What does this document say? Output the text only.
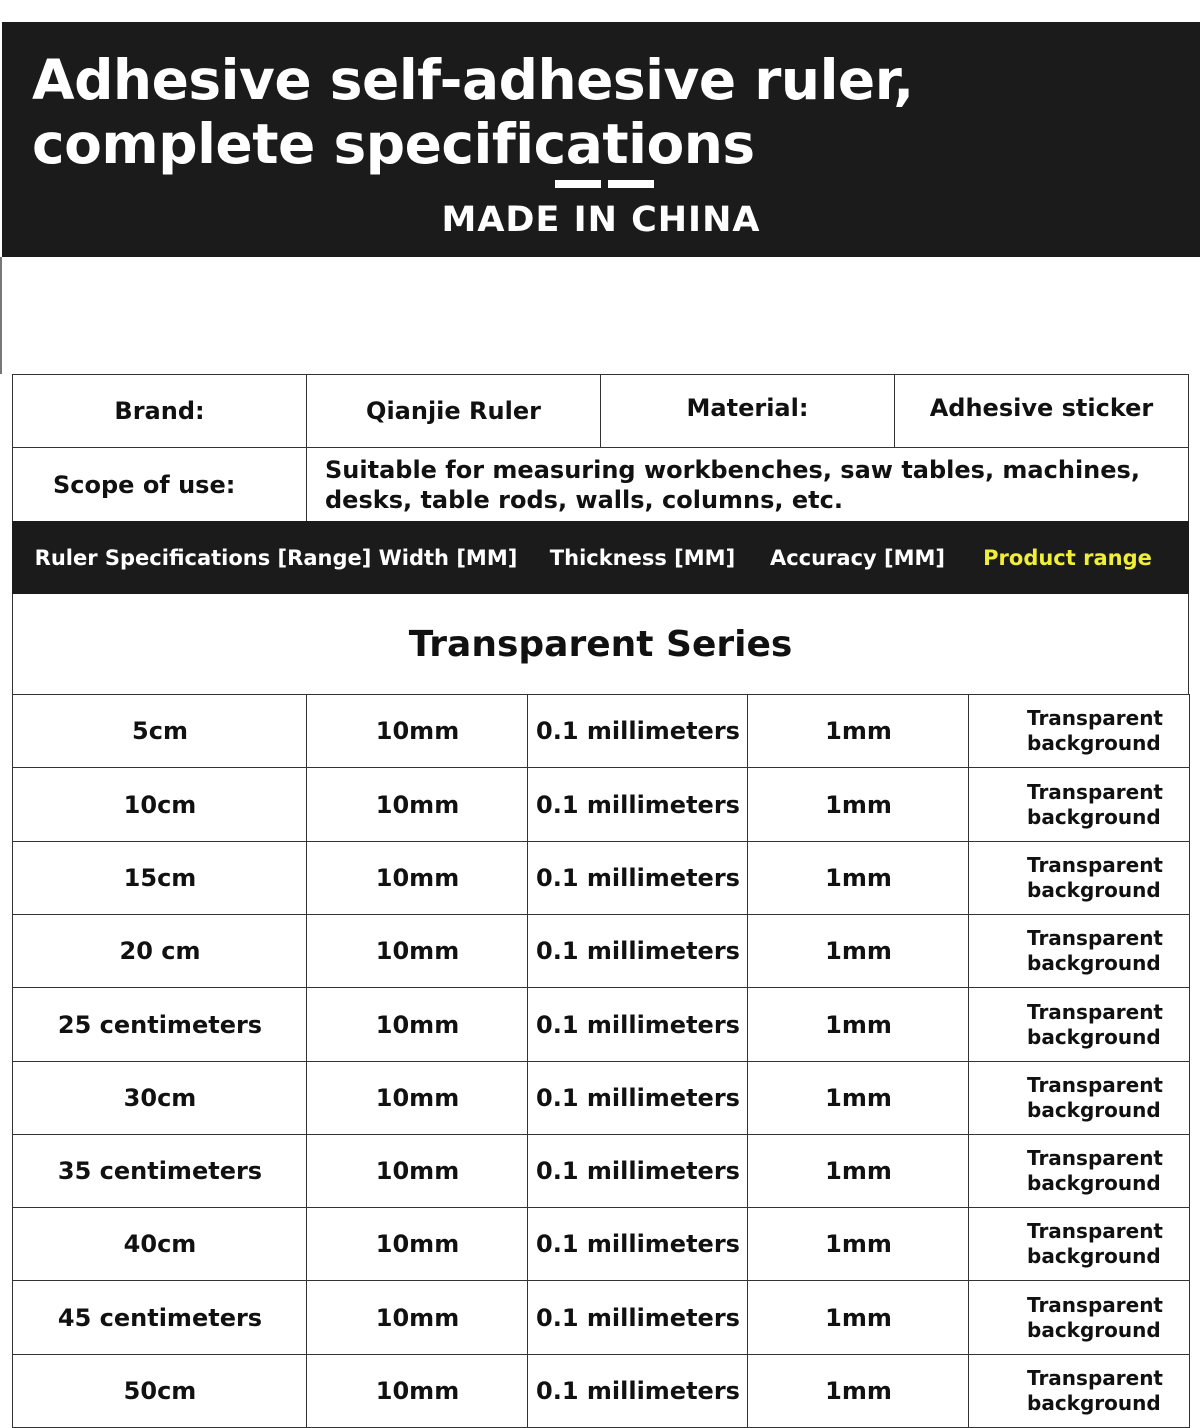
Adhesive self-adhesive ruler, complete specifications
MADE IN CHINA
Brand:	Qianjie Ruler	Material:	Adhesive sticker
Scope of use:
Suitable for measuring workbenches, saw tables, machines, desks, table rods, walls, columns, etc.
Ruler Specifications [Range] Width [MM]	Thickness [MM]	Accuracy [MM]	Product range
Transparent Series
5cm	10mm	0.1 millimeters	1mm	Transparent background
10cm	10mm	0.1 millimeters	1mm	Transparent background
15cm	10mm	0.1 millimeters	1mm	Transparent background
20 cm	10mm	0.1 millimeters	1mm	Transparent background
25 centimeters	10mm	0.1 millimeters	1mm	Transparent background
30cm	10mm	0.1 millimeters	1mm	Transparent background
35 centimeters	10mm	0.1 millimeters	1mm	Transparent background
40cm	10mm	0.1 millimeters	1mm	Transparent background
45 centimeters	10mm	0.1 millimeters	1mm	Transparent background
50cm	10mm	0.1 millimeters	1mm	Transparent background
